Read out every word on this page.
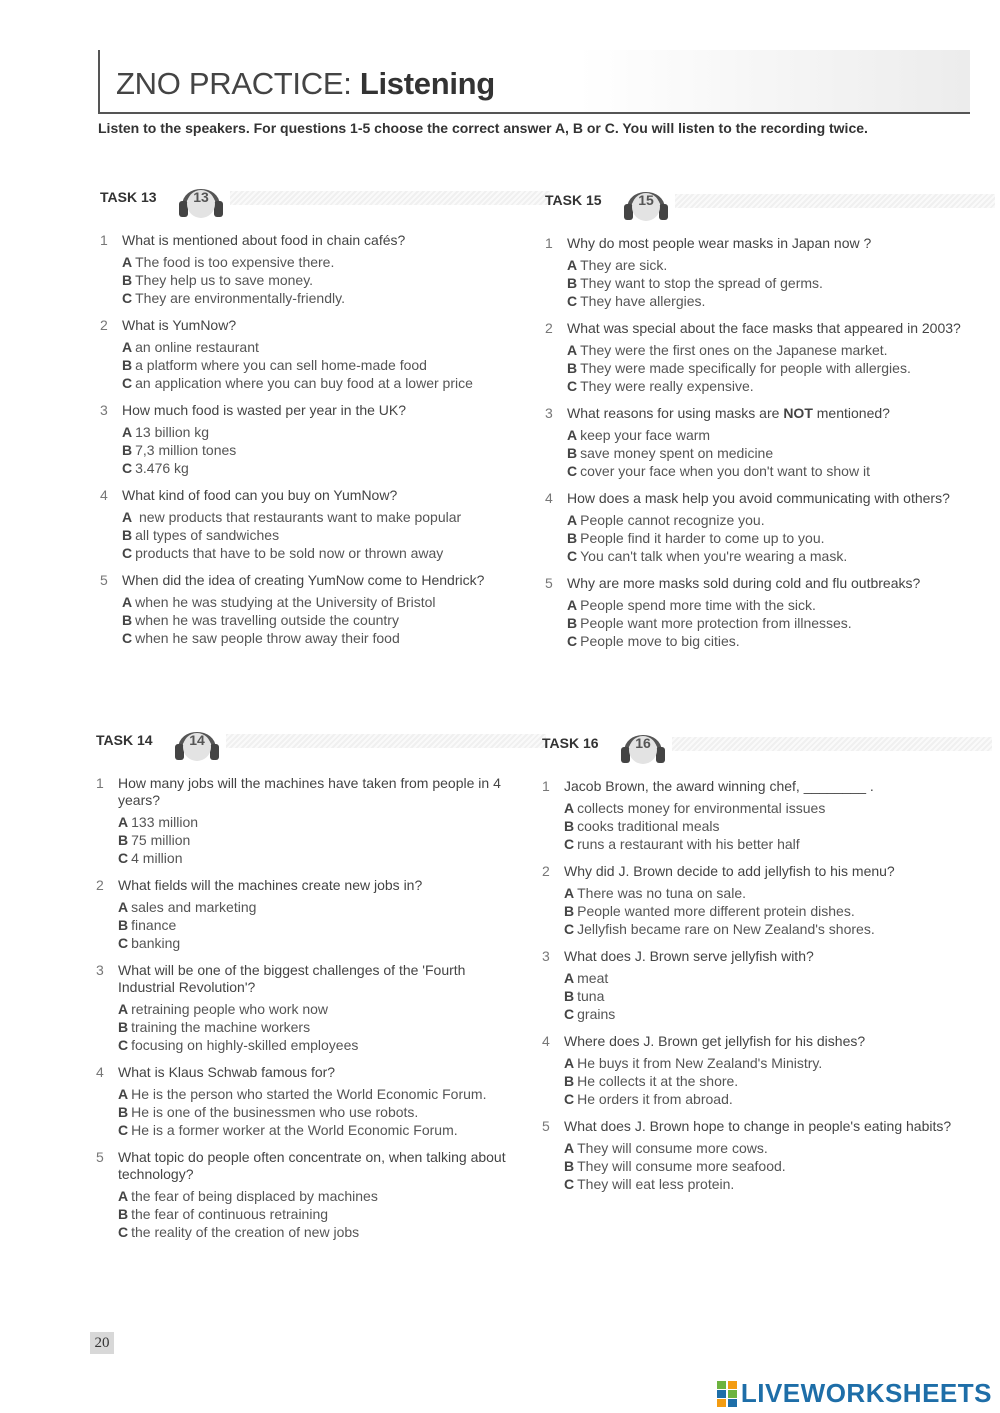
ZNO PRACTICE: Listening

Listen to the speakers. For questions 1-5 choose the correct answer A, B or C. You will listen to the recording twice.

TASK 13	13
1	What is mentioned about food in chain cafés?
A The food is too expensive there.
B They help us to save money.
C They are environmentally-friendly.
2	What is YumNow?
A an online restaurant
B a platform where you can sell home-made food
C an application where you can buy food at a lower price
3	How much food is wasted per year in the UK?
A 13 billion kg
B 7,3 million tones
C 3.476 kg
4	What kind of food can you buy on YumNow?
A new products that restaurants want to make popular
B all types of sandwiches
C products that have to be sold now or thrown away
5	When did the idea of creating YumNow come to Hendrick?
A when he was studying at the University of Bristol
B when he was travelling outside the country
C when he saw people throw away their food
TASK 15	15
1	Why do most people wear masks in Japan now ?
A They are sick.
B They want to stop the spread of germs.
C They have allergies.
2	What was special about the face masks that appeared in 2003?
A They were the first ones on the Japanese market.
B They were made specifically for people with allergies.
C They were really expensive.
3	What reasons for using masks are NOT mentioned?
A keep your face warm
B save money spent on medicine
C cover your face when you don't want to show it
4	How does a mask help you avoid communicating with others?
A People cannot recognize you.
B People find it harder to come up to you.
C You can't talk when you're wearing a mask.
5	Why are more masks sold during cold and flu outbreaks?
A People spend more time with the sick.
B People want more protection from illnesses.
C People move to big cities.
TASK 14	14
1	How many jobs will the machines have taken from people in 4 years?
A 133 million
B 75 million
C 4 million
2	What fields will the machines create new jobs in?
A sales and marketing
B finance
C banking
3	What will be one of the biggest challenges of the 'Fourth Industrial Revolution'?
A retraining people who work now
B training the machine workers
C focusing on highly-skilled employees
4	What is Klaus Schwab famous for?
A He is the person who started the World Economic Forum.
B He is one of the businessmen who use robots.
C He is a former worker at the World Economic Forum.
5	What topic do people often concentrate on, when talking about technology?
A the fear of being displaced by machines
B the fear of continuous retraining
C the reality of the creation of new jobs
TASK 16	16
1	Jacob Brown, the award winning chef, ________ .
A collects money for environmental issues
B cooks traditional meals
C runs a restaurant with his better half
2	Why did J. Brown decide to add jellyfish to his menu?
A There was no tuna on sale.
B People wanted more different protein dishes.
C Jellyfish became rare on New Zealand's shores.
3	What does J. Brown serve jellyfish with?
A meat
B tuna
C grains
4	Where does J. Brown get jellyfish for his dishes?
A He buys it from New Zealand's Ministry.
B He collects it at the shore.
C He orders it from abroad.
5	What does J. Brown hope to change in people's eating habits?
A They will consume more cows.
B They will consume more seafood.
C They will eat less protein.
20
LIVEWORKSHEETS
